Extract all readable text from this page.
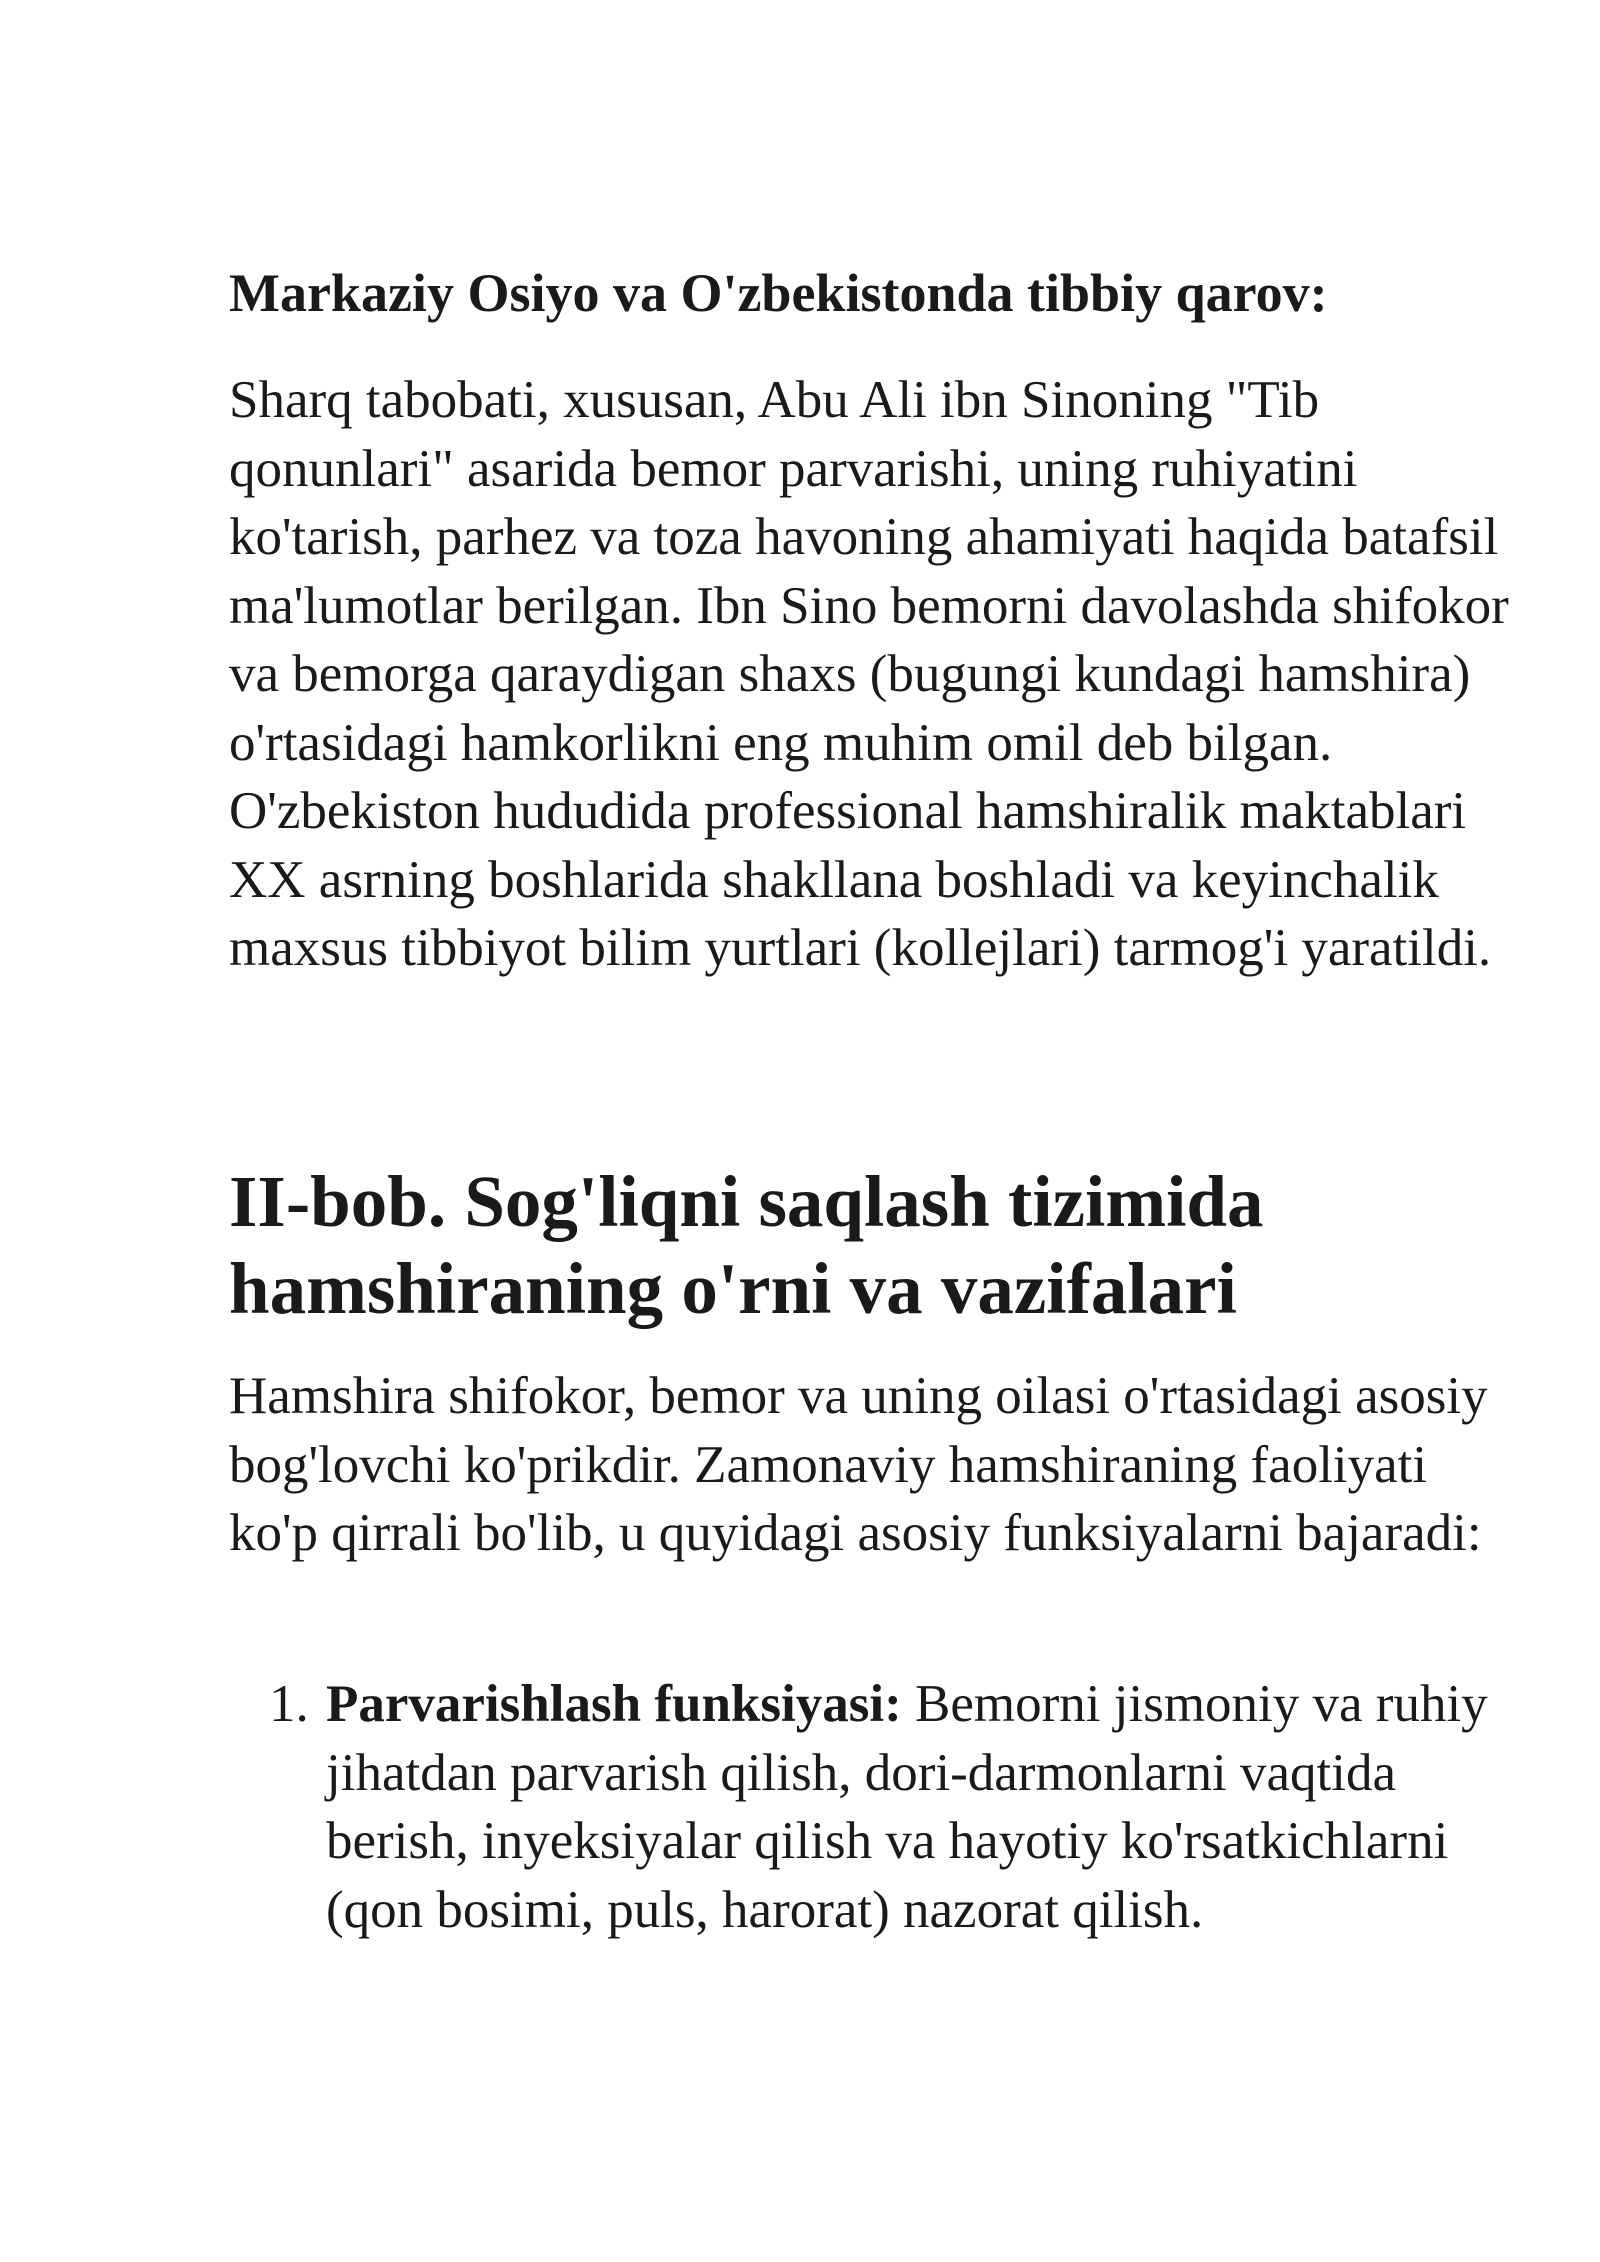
Markaziy Osiyo va O'zbekistonda tibbiy qarov:

Sharq tabobati, xususan, Abu Ali ibn Sinoning "Tib qonunlari" asarida bemor parvarishi, uning ruhiyatini ko'tarish, parhez va toza havoning ahamiyati haqida batafsil ma'lumotlar berilgan. Ibn Sino bemorni davolashda shifokor va bemorga qaraydigan shaxs (bugungi kundagi hamshira) o'rtasidagi hamkorlikni eng muhim omil deb bilgan. O'zbekiston hududida professional hamshiralik maktablari XX asrning boshlarida shakllana boshladi va keyinchalik maxsus tibbiyot bilim yurtlari (kollejlari) tarmog'i yaratildi.

II-bob. Sog'liqni saqlash tizimida hamshiraning o'rni va vazifalari

Hamshira shifokor, bemor va uning oilasi o'rtasidagi asosiy bog'lovchi ko'prikdir. Zamonaviy hamshiraning faoliyati ko'p qirrali bo'lib, u quyidagi asosiy funksiyalarni bajaradi:

1. Parvarishlash funksiyasi: Bemorni jismoniy va ruhiy jihatdan parvarish qilish, dori-darmonlarni vaqtida berish, inyeksiyalar qilish va hayotiy ko'rsatkichlarni (qon bosimi, puls, harorat) nazorat qilish.
